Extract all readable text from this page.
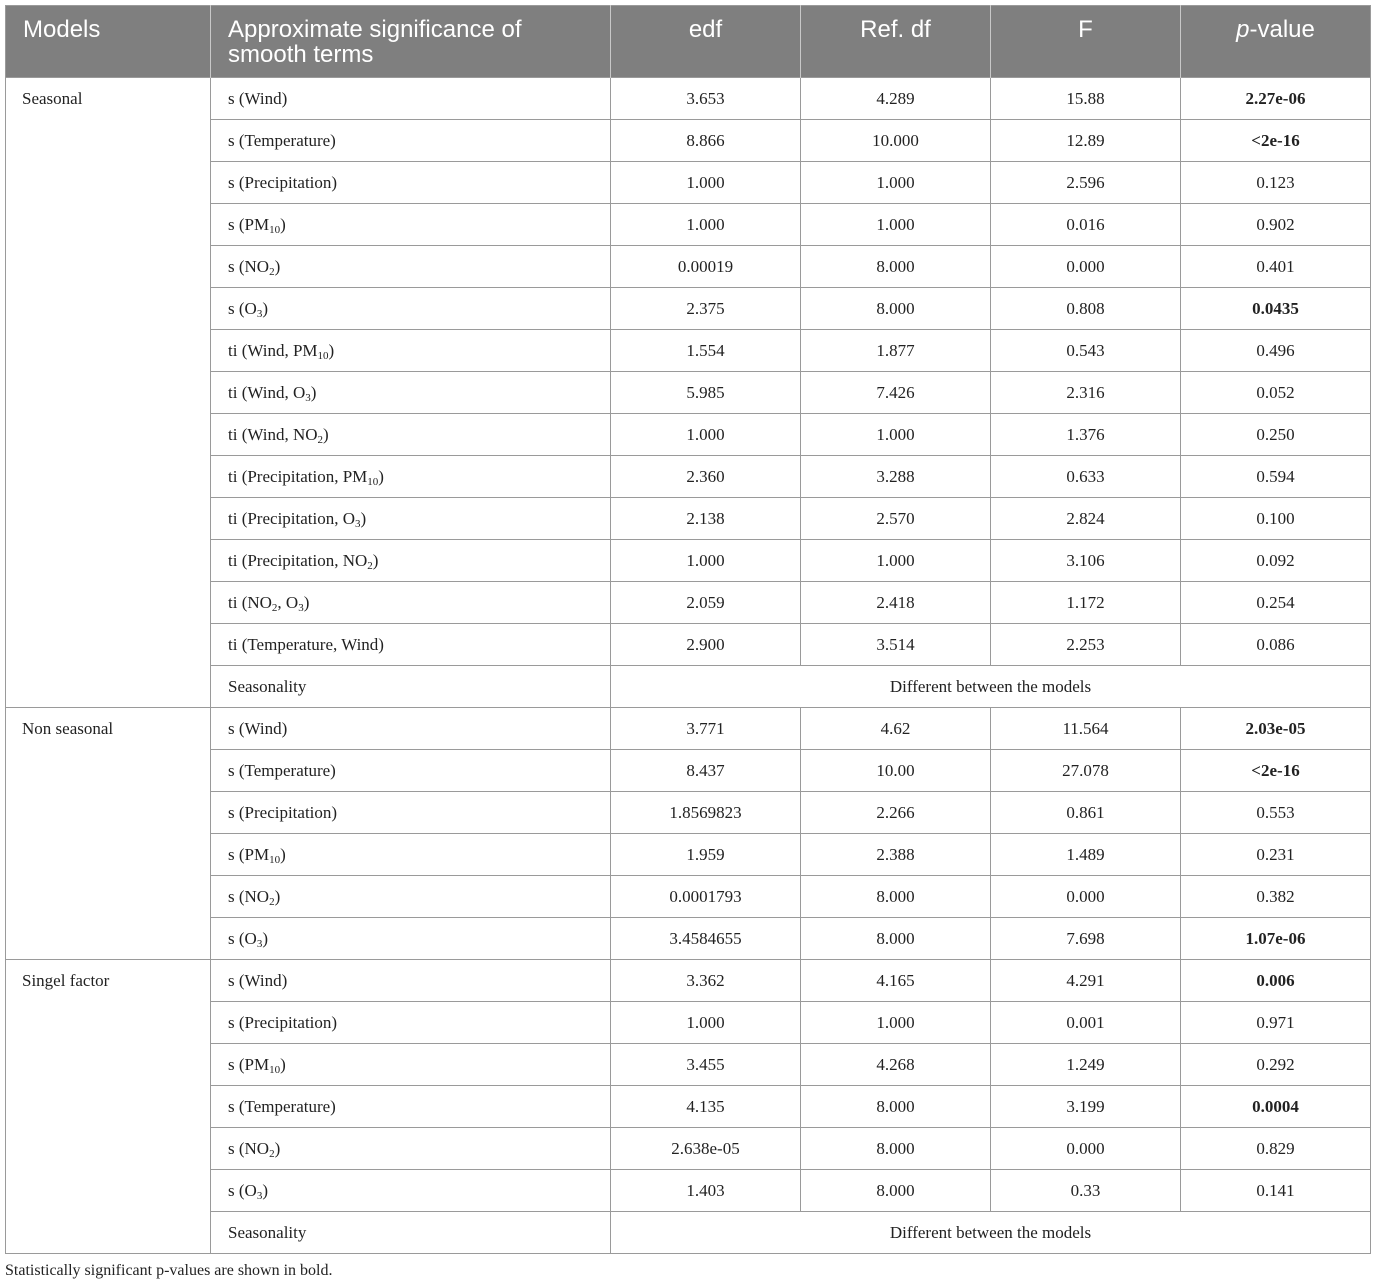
Models	Approximate significance of smooth terms	edf	Ref. df	F	p-value
Seasonal	s (Wind)	3.653	4.289	15.88	2.27e-06
	s (Temperature)	8.866	10.000	12.89	<2e-16
	s (Precipitation)	1.000	1.000	2.596	0.123
	s $(PM_{10})$	1.000	1.000	0.016	0.902
	s $(NO_2)$	0.00019	8.000	0.000	0.401
	s $(O_3)$	2.375	8.000	0.808	0.0435
	ti (Wind, $PM_{10}$)	1.554	1.877	0.543	0.496
	ti (Wind, $O_3$)	5.985	7.426	2.316	0.052
	ti (Wind, $NO_2$)	1.000	1.000	1.376	0.250
	ti (Precipitation, $PM_{10}$)	2.360	3.288	0.633	0.594
	ti (Precipitation, $O_3$)	2.138	2.570	2.824	0.100
	ti (Precipitation, $NO_2$)	1.000	1.000	3.106	0.092
	ti ($NO_2$, $O_3$)	2.059	2.418	1.172	0.254
	ti (Temperature, Wind)	2.900	3.514	2.253	0.086
	Seasonality	Different between the models			
Non seasonal	s (Wind)	3.771	4.62	11.564	2.03e-05
	s (Temperature)	8.437	10.00	27.078	<2e-16
	s (Precipitation)	1.8569823	2.266	0.861	0.553
	s $(PM_{10})$	1.959	2.388	1.489	0.231
	s $(NO_2)$	0.0001793	8.000	0.000	0.382
	s $(O_3)$	3.4584655	8.000	7.698	1.07e-06
Singel factor	s (Wind)	3.362	4.165	4.291	0.006
	s (Precipitation)	1.000	1.000	0.001	0.971
	s $(PM_{10})$	3.455	4.268	1.249	0.292
	s (Temperature)	4.135	8.000	3.199	0.0004
	s $(NO_2)$	2.638e-05	8.000	0.000	0.829
	s $(O_3)$	1.403	8.000	0.33	0.141
	Seasonality	Different between the models			
Statistically significant p-values are shown in bold.
